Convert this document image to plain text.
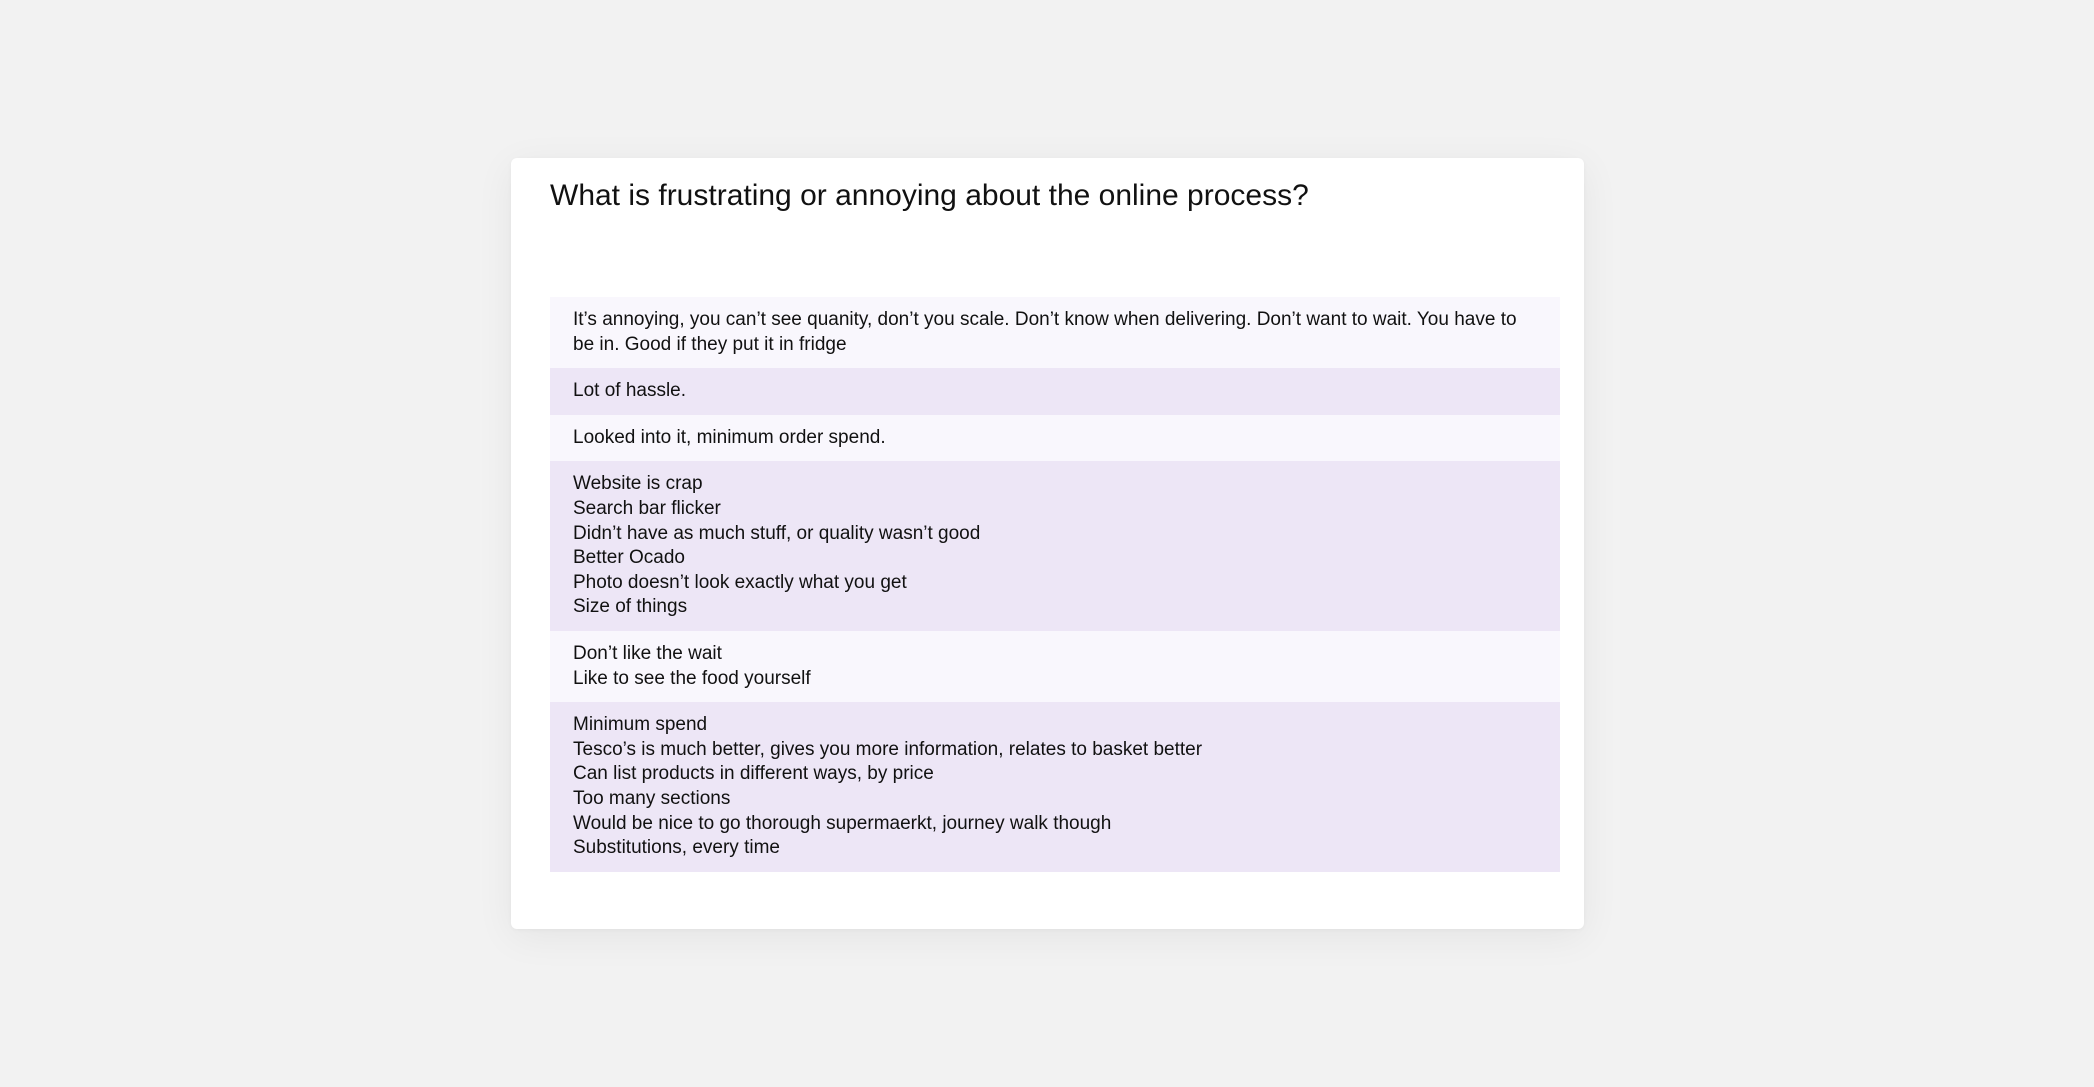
What is frustrating or annoying about the online process?
It’s annoying, you can’t see quanity, don’t you scale. Don’t know when delivering. Don’t want to wait. You have to be in. Good if they put it in fridge
Lot of hassle.
Looked into it, minimum order spend.
Website is crap
Search bar flicker
Didn’t have as much stuff, or quality wasn’t good
Better Ocado
Photo doesn’t look exactly what you get
Size of things
Don’t like the wait
Like to see the food yourself
Minimum spend
Tesco’s is much better, gives you more information, relates to basket better
Can list products in different ways, by price
Too many sections
Would be nice to go thorough supermaerkt, journey walk though
Substitutions, every time
